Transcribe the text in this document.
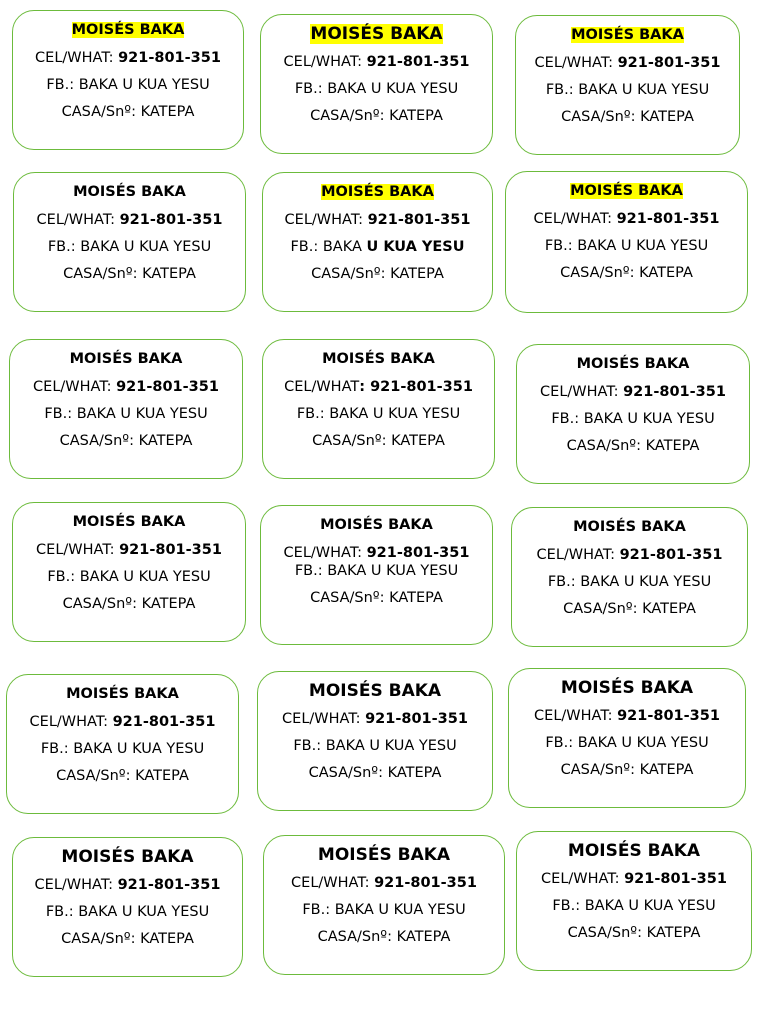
MOISÉS BAKA

CEL/WHAT: 921-801-351

FB.: BAKA U KUA YESU

CASA/Snº: KATEPA

MOISÉS BAKA

CEL/WHAT: 921-801-351

FB.: BAKA U KUA YESU

CASA/Snº: KATEPA

MOISÉS BAKA

CEL/WHAT: 921-801-351

FB.: BAKA U KUA YESU

CASA/Snº: KATEPA

MOISÉS BAKA

CEL/WHAT: 921-801-351

FB.: BAKA U KUA YESU

CASA/Snº: KATEPA

MOISÉS BAKA

CEL/WHAT: 921-801-351

FB.: BAKA U KUA YESU

CASA/Snº: KATEPA

MOISÉS BAKA

CEL/WHAT: 921-801-351

FB.: BAKA U KUA YESU

CASA/Snº: KATEPA

MOISÉS BAKA

CEL/WHAT: 921-801-351

FB.: BAKA U KUA YESU

CASA/Snº: KATEPA

MOISÉS BAKA

CEL/WHAT: 921-801-351

FB.: BAKA U KUA YESU

CASA/Snº: KATEPA

MOISÉS BAKA

CEL/WHAT: 921-801-351

FB.: BAKA U KUA YESU

CASA/Snº: KATEPA

MOISÉS BAKA

CEL/WHAT: 921-801-351

FB.: BAKA U KUA YESU

CASA/Snº: KATEPA

MOISÉS BAKA

CEL/WHAT: 921-801-351 FB.: BAKA U KUA YESU

CASA/Snº: KATEPA

MOISÉS BAKA

CEL/WHAT: 921-801-351

FB.: BAKA U KUA YESU

CASA/Snº: KATEPA

MOISÉS BAKA

CEL/WHAT: 921-801-351

FB.: BAKA U KUA YESU

CASA/Snº: KATEPA

MOISÉS BAKA

CEL/WHAT: 921-801-351

FB.: BAKA U KUA YESU

CASA/Snº: KATEPA

MOISÉS BAKA

CEL/WHAT: 921-801-351

FB.: BAKA U KUA YESU

CASA/Snº: KATEPA

MOISÉS BAKA

CEL/WHAT: 921-801-351

FB.: BAKA U KUA YESU

CASA/Snº: KATEPA

MOISÉS BAKA

CEL/WHAT: 921-801-351

FB.: BAKA U KUA YESU

CASA/Snº: KATEPA

MOISÉS BAKA

CEL/WHAT: 921-801-351

FB.: BAKA U KUA YESU

CASA/Snº: KATEPA
